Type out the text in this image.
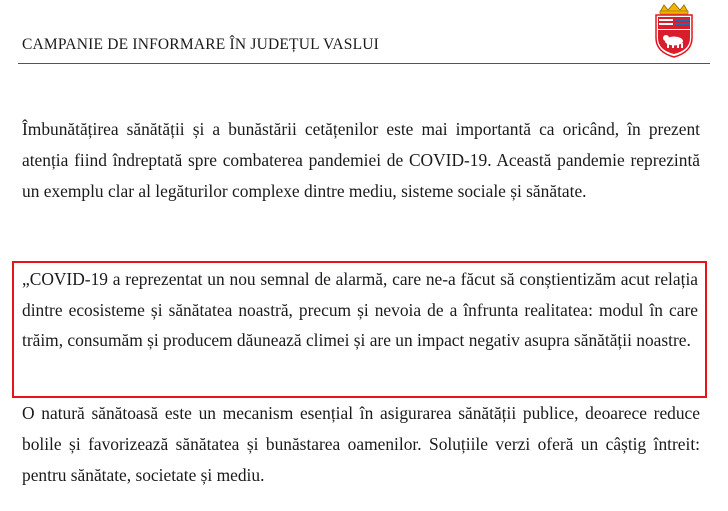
CAMPANIE DE INFORMARE ÎN JUDEȚUL VASLUI

Îmbunătățirea sănătății și a bunăstării cetățenilor este mai importantă ca oricând, în prezent atenția fiind îndreptată spre combaterea pandemiei de COVID-19. Această pandemie reprezintă un exemplu clar al legăturilor complexe dintre mediu, sisteme sociale și sănătate.

„COVID-19 a reprezentat un nou semnal de alarmă, care ne-a făcut să conștientizăm acut relația dintre ecosisteme și sănătatea noastră, precum și nevoia de a înfrunta realitatea: modul în care trăim, consumăm și producem dăunează climei și are un impact negativ asupra sănătății noastre.

O natură sănătoasă este un mecanism esențial în asigurarea sănătății publice, deoarece reduce bolile și favorizează sănătatea și bunăstarea oamenilor. Soluțiile verzi oferă un câștig întreit: pentru sănătate, societate și mediu.
